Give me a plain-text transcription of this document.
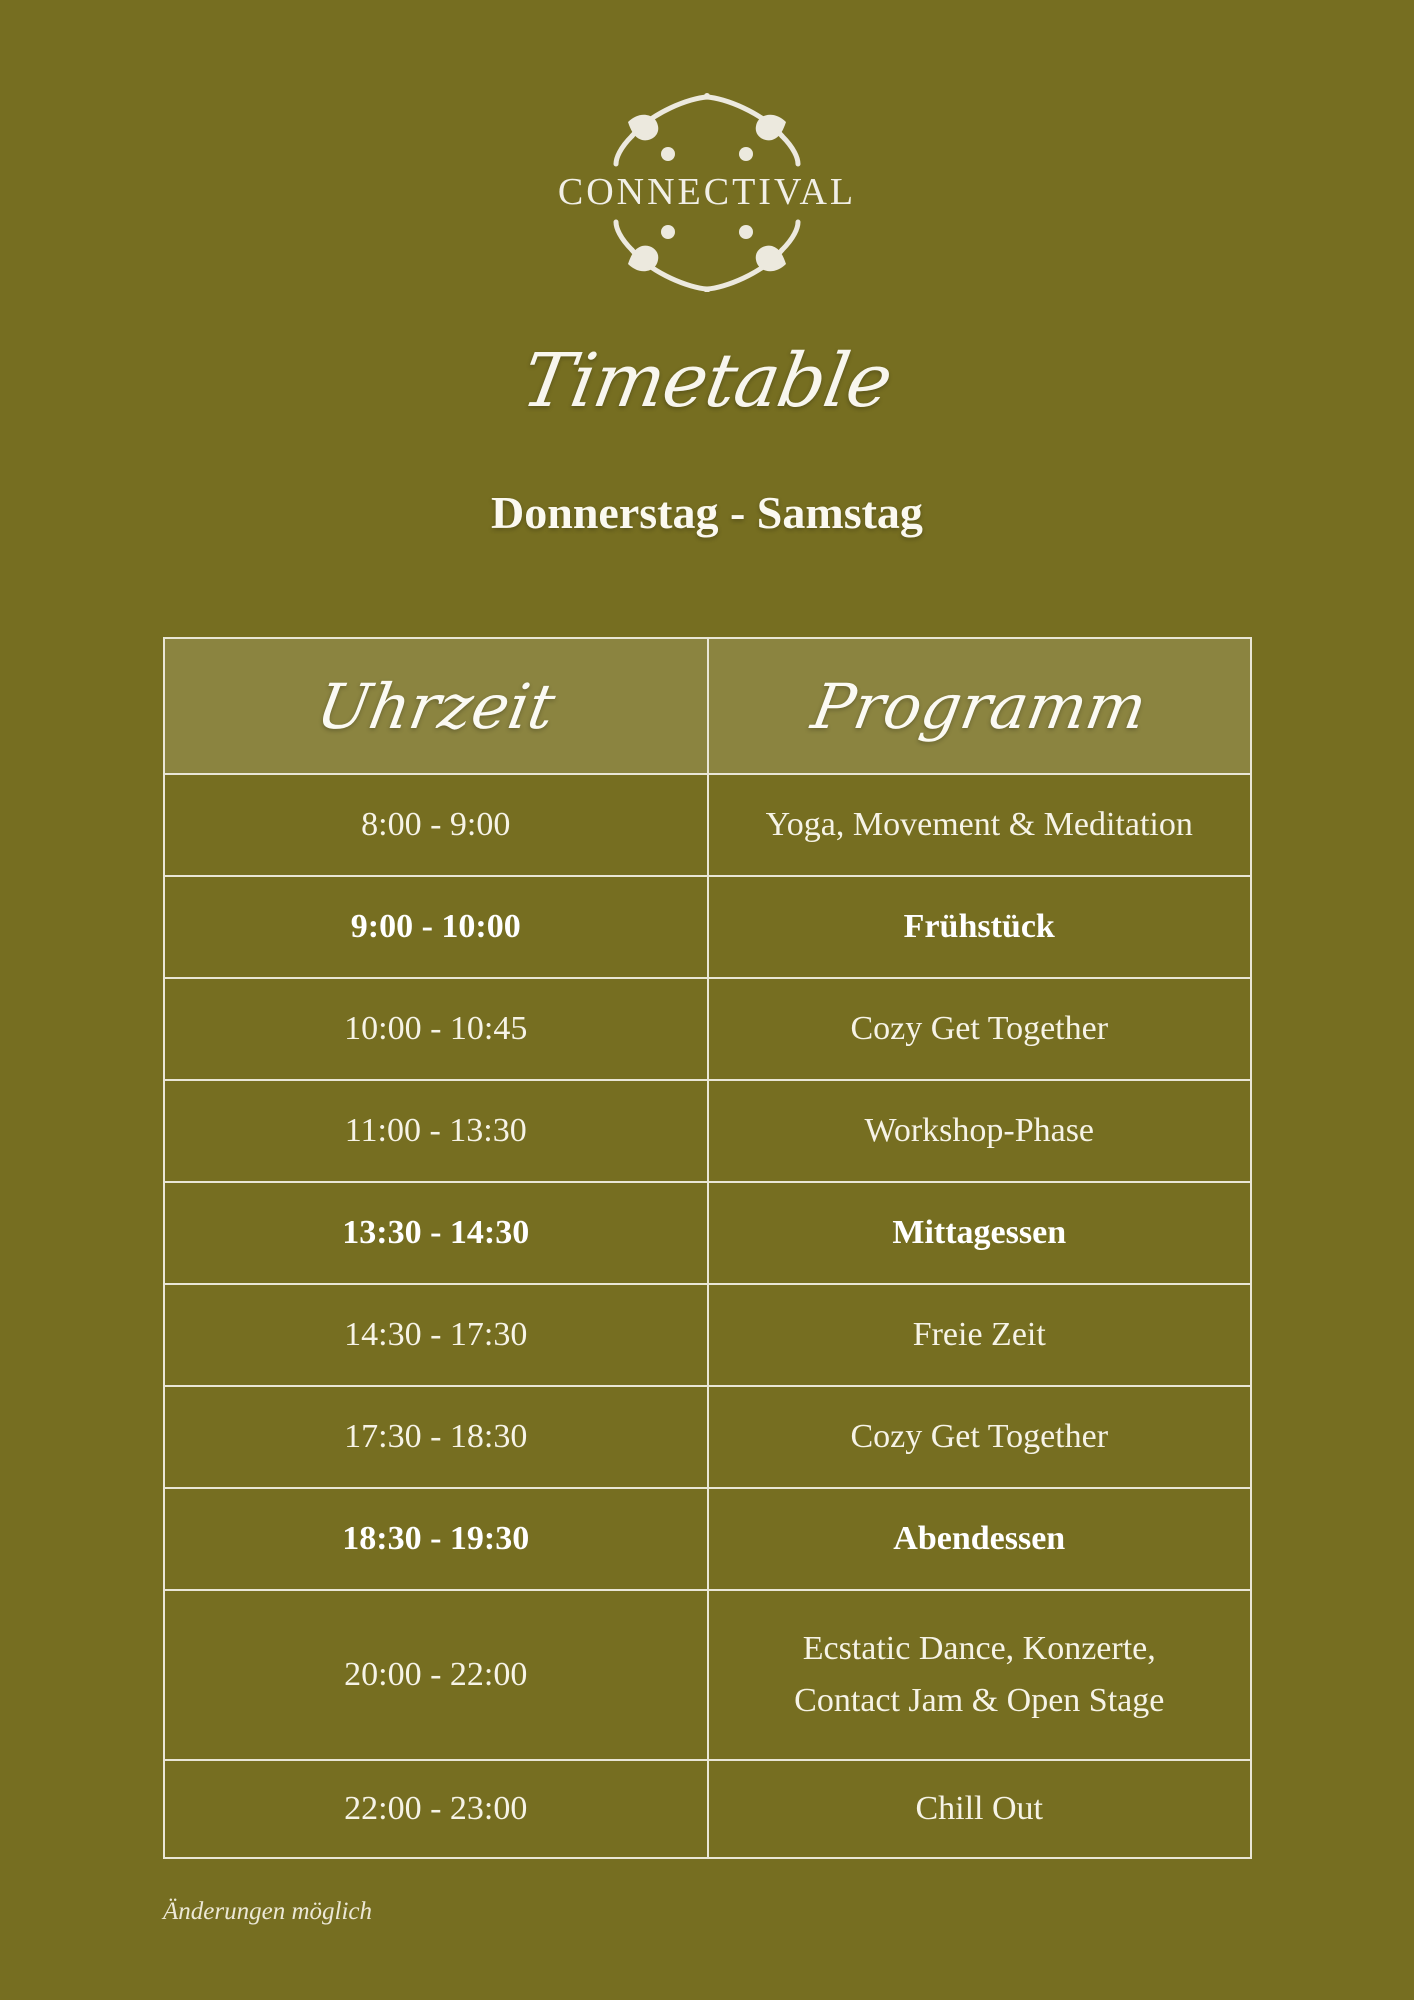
CONNECTIVAL
Timetable
Donnerstag - Samstag
Uhrzeit	Programm
8:00 - 9:00	Yoga, Movement & Meditation
9:00 - 10:00	Frühstück
10:00 - 10:45	Cozy Get Together
11:00 - 13:30	Workshop-Phase
13:30 - 14:30	Mittagessen
14:30 - 17:30	Freie Zeit
17:30 - 18:30	Cozy Get Together
18:30 - 19:30	Abendessen
20:00 - 22:00	Ecstatic Dance, Konzerte,
Contact Jam & Open Stage
22:00 - 23:00	Chill Out
Änderungen möglich
